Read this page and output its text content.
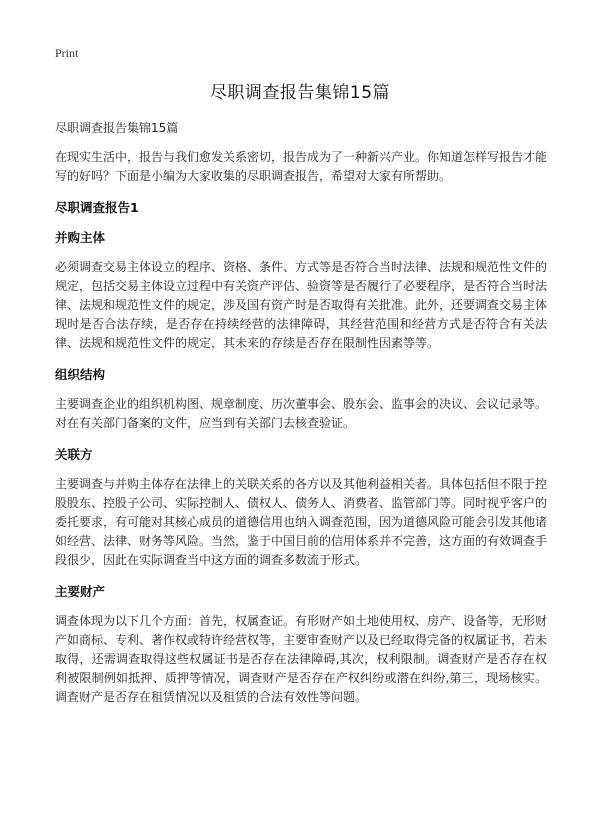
Print
尽职调查报告集锦15篇

尽职调查报告集锦15篇

在现实生活中，报告与我们愈发关系密切，报告成为了一种新兴产业。你知道怎样写报告才能写的好吗？下面是小编为大家收集的尽职调查报告，希望对大家有所帮助。

尽职调查报告1
并购主体

必须调查交易主体设立的程序、资格、条件、方式等是否符合当时法律、法规和规范性文件的规定，包括交易主体设立过程中有关资产评估、验资等是否履行了必要程序，是否符合当时法律、法规和规范性文件的规定，涉及国有资产时是否取得有关批准。此外，还要调查交易主体现时是否合法存续，是否存在持续经营的法律障碍，其经营范围和经营方式是否符合有关法律、法规和规范性文件的规定，其未来的存续是否存在限制性因素等等。

组织结构

主要调查企业的组织机构图、规章制度、历次董事会、股东会、监事会的决议、会议记录等。对在有关部门备案的文件，应当到有关部门去核查验证。

关联方

主要调查与并购主体存在法律上的关联关系的各方以及其他利益相关者。具体包括但不限于控股股东、控股子公司、实际控制人、债权人、债务人、消费者、监管部门等。同时视乎客户的委托要求，有可能对其核心成员的道德信用也纳入调查范围，因为道德风险可能会引发其他诸如经营、法律、财务等风险。当然，鉴于中国目前的信用体系并不完善，这方面的有效调查手段很少，因此在实际调查当中这方面的调查多数流于形式。

主要财产

调查体现为以下几个方面：首先，权属查证。有形财产如土地使用权、房产、设备等，无形财产如商标、专利、著作权或特许经营权等，主要审查财产以及已经取得完备的权属证书，若未取得，还需调查取得这些权属证书是否存在法律障碍,其次，权利限制。调查财产是否存在权利被限制例如抵押、质押等情况，调查财产是否存在产权纠纷或潜在纠纷,第三，现场核实。调查财产是否存在租赁情况以及租赁的合法有效性等问题。
